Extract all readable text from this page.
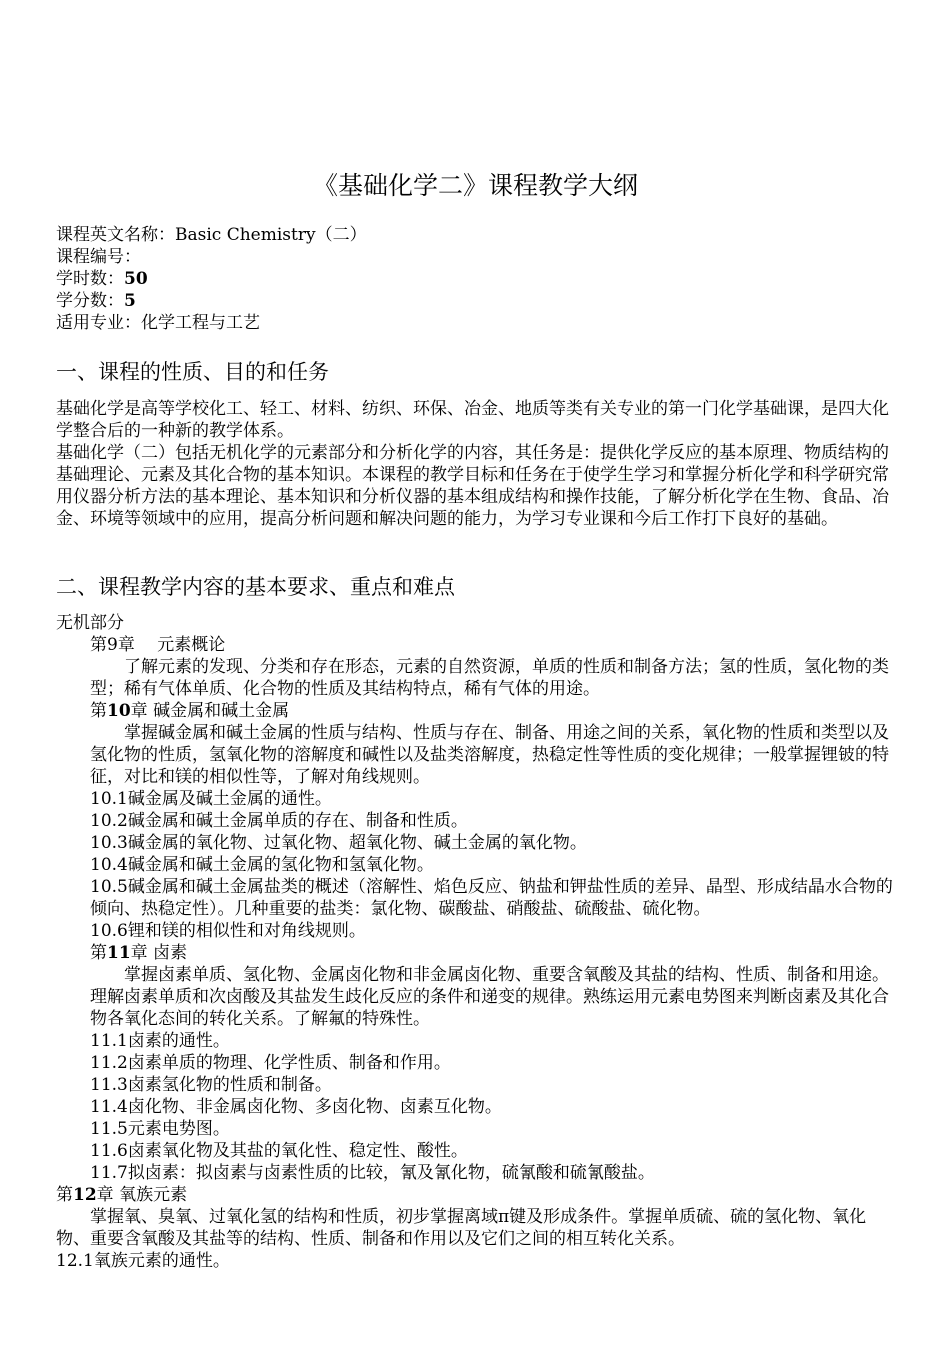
《基础化学二》课程教学大纲
课程英文名称：Basic Chemistry（二）
课程编号：
学时数：50
学分数：5
适用专业：化学工程与工艺
一、课程的性质、目的和任务

基础化学是高等学校化工、轻工、材料、纺织、环保、冶金、地质等类有关专业的第一门化学基础课，是四大化学整合后的一种新的教学体系。

基础化学（二）包括无机化学的元素部分和分析化学的内容，其任务是：提供化学反应的基本原理、物质结构的基础理论、元素及其化合物的基本知识。本课程的教学目标和任务在于使学生学习和掌握分析化学和科学研究常用仪器分析方法的基本理论、基本知识和分析仪器的基本组成结构和操作技能，了解分析化学在生物、食品、冶金、环境等领域中的应用，提高分析问题和解决问题的能力，为学习专业课和今后工作打下良好的基础。

二、课程教学内容的基本要求、重点和难点

无机部分

第9章　 元素概论

了解元素的发现、分类和存在形态，元素的自然资源，单质的性质和制备方法；氢的性质，氢化物的类型；稀有气体单质、化合物的性质及其结构特点，稀有气体的用途。

第10章 碱金属和碱土金属

掌握碱金属和碱土金属的性质与结构、性质与存在、制备、用途之间的关系，氧化物的性质和类型以及氢化物的性质，氢氧化物的溶解度和碱性以及盐类溶解度，热稳定性等性质的变化规律；一般掌握锂铍的特征，对比和镁的相似性等，了解对角线规则。

10.1碱金属及碱土金属的通性。

10.2碱金属和碱土金属单质的存在、制备和性质。

10.3碱金属的氧化物、过氧化物、超氧化物、碱土金属的氧化物。

10.4碱金属和碱土金属的氢化物和氢氧化物。

10.5碱金属和碱土金属盐类的概述（溶解性、焰色反应、钠盐和钾盐性质的差异、晶型、形成结晶水合物的倾向、热稳定性）。几种重要的盐类：氯化物、碳酸盐、硝酸盐、硫酸盐、硫化物。

10.6锂和镁的相似性和对角线规则。

第11章 卤素

掌握卤素单质、氢化物、金属卤化物和非金属卤化物、重要含氧酸及其盐的结构、性质、制备和用途。理解卤素单质和次卤酸及其盐发生歧化反应的条件和递变的规律。熟练运用元素电势图来判断卤素及其化合物各氧化态间的转化关系。了解氟的特殊性。

11.1卤素的通性。

11.2卤素单质的物理、化学性质、制备和作用。

11.3卤素氢化物的性质和制备。

11.4卤化物、非金属卤化物、多卤化物、卤素互化物。

11.5元素电势图。

11.6卤素氧化物及其盐的氧化性、稳定性、酸性。

11.7拟卤素：拟卤素与卤素性质的比较，氰及氰化物，硫氰酸和硫氰酸盐。

第12章 氧族元素

掌握氧、臭氧、过氧化氢的结构和性质，初步掌握离域π键及形成条件。掌握单质硫、硫的氢化物、氧化物、重要含氧酸及其盐等的结构、性质、制备和作用以及它们之间的相互转化关系。

12.1氧族元素的通性。
